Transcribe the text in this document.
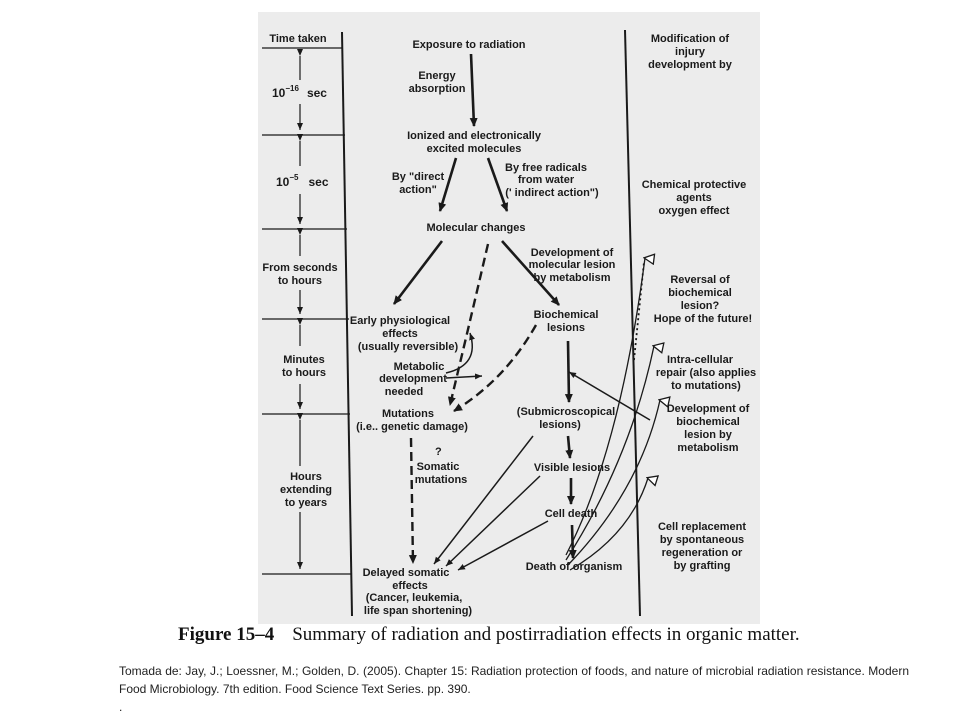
Time taken
$10^{-16}$ sec
$10^{-5}$ sec
From seconds to hours
Minutes to hours
Hours extending to years
Exposure to radiation
Energy absorption
Ionized and electronically excited molecules
By "direct action"
By free radicals from water (' indirect action")
Molecular changes
Development of molecular lesion by metabolism
Early physiological effects (usually reversible)
Biochemical lesions
Metabolic development needed
Mutations (i.e.. genetic damage)
(Submicroscopical lesions)
?
Somatic mutations
Visible lesions
Cell death
Delayed somatic effects (Cancer, leukemia, life span shortening)
Death of organism
Modification of injury development by
Chemical protective agents oxygen effect
Reversal of biochemical lesion? Hope of the future!
Intra-cellular repair (also applies to mutations)
Development of biochemical lesion by metabolism
Cell replacement by spontaneous regeneration or by grafting
Figure 15–4 Summary of radiation and postirradiation effects in organic matter.
Tomada de: Jay, J.; Loessner, M.; Golden, D. (2005). Chapter 15: Radiation protection of foods, and nature of microbial radiation resistance. Modern Food Microbiology. 7th edition. Food Science Text Series. pp. 390.
.
